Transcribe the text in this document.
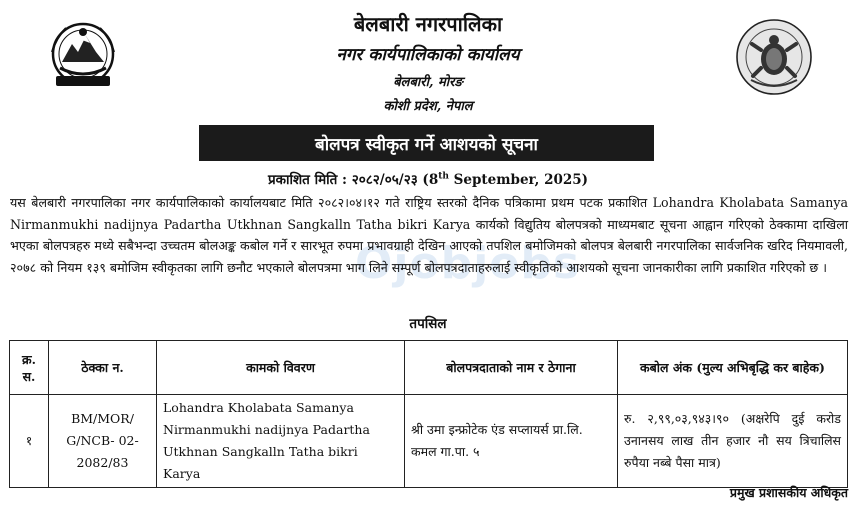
बेलबारी नगरपालिका
नगर कार्यपालिकाको कार्यालय
बेलबारी, मोरङ
कोशी प्रदेश, नेपाल
बोलपत्र स्वीकृत गर्ने आशयको सूचना
प्रकाशित मिति : २०८२/०५/२३ (8th September, 2025)
Ojobjobs
यस बेलबारी नगरपालिका नगर कार्यपालिकाको कार्यालयबाट मिति २०८२।०४।१२ गते राष्ट्रिय स्तरको दैनिक पत्रिकामा प्रथम पटक प्रकाशित Lohandra Kholabata Samanya Nirmanmukhi nadijnya Padartha Utkhnan Sangkalln Tatha bikri Karya कार्यको विद्युतिय बोलपत्रको माध्यमबाट सूचना आह्वान गरिएको ठेक्कामा दाखिला भएका बोलपत्रहरु मध्ये सबैभन्दा उच्चतम बोलअङ्क कबोल गर्ने र सारभूत रुपमा प्रभावग्राही देखिन आएको तपशिल बमोजिमको बोलपत्र बेलबारी नगरपालिका सार्वजनिक खरिद नियमावली, २०७८ को नियम १३९ बमोजिम स्वीकृतका लागि छनौट भएकाले बोलपत्रमा भाग लिने सम्पूर्ण बोलपत्रदाताहरुलाई स्वीकृतिको आशयको सूचना जानकारीका लागि प्रकाशित गरिएको छ ।
तपसिल
क्र. स.	ठेक्का न.	कामको विवरण	बोलपत्रदाताको नाम र ठेगाना	कबोल अंक (मुल्य अभिबृद्धि कर बाहेक)
१	BM/MOR/ G/NCB- 02-2082/83	Lohandra Kholabata Samanya Nirmanmukhi nadijnya Padartha Utkhnan Sangkalln Tatha bikri Karya	श्री उमा इन्फ्रोटेक एंड सप्लायर्स प्रा.लि. कमल गा.पा. ५	रु. २,९९,०३,९४३।९० (अक्षरेपि दुई करोड उनानसय लाख तीन हजार नौ सय त्रिचालिस रुपैया नब्बे पैसा मात्र)
प्रमुख प्रशासकीय अधिकृत
